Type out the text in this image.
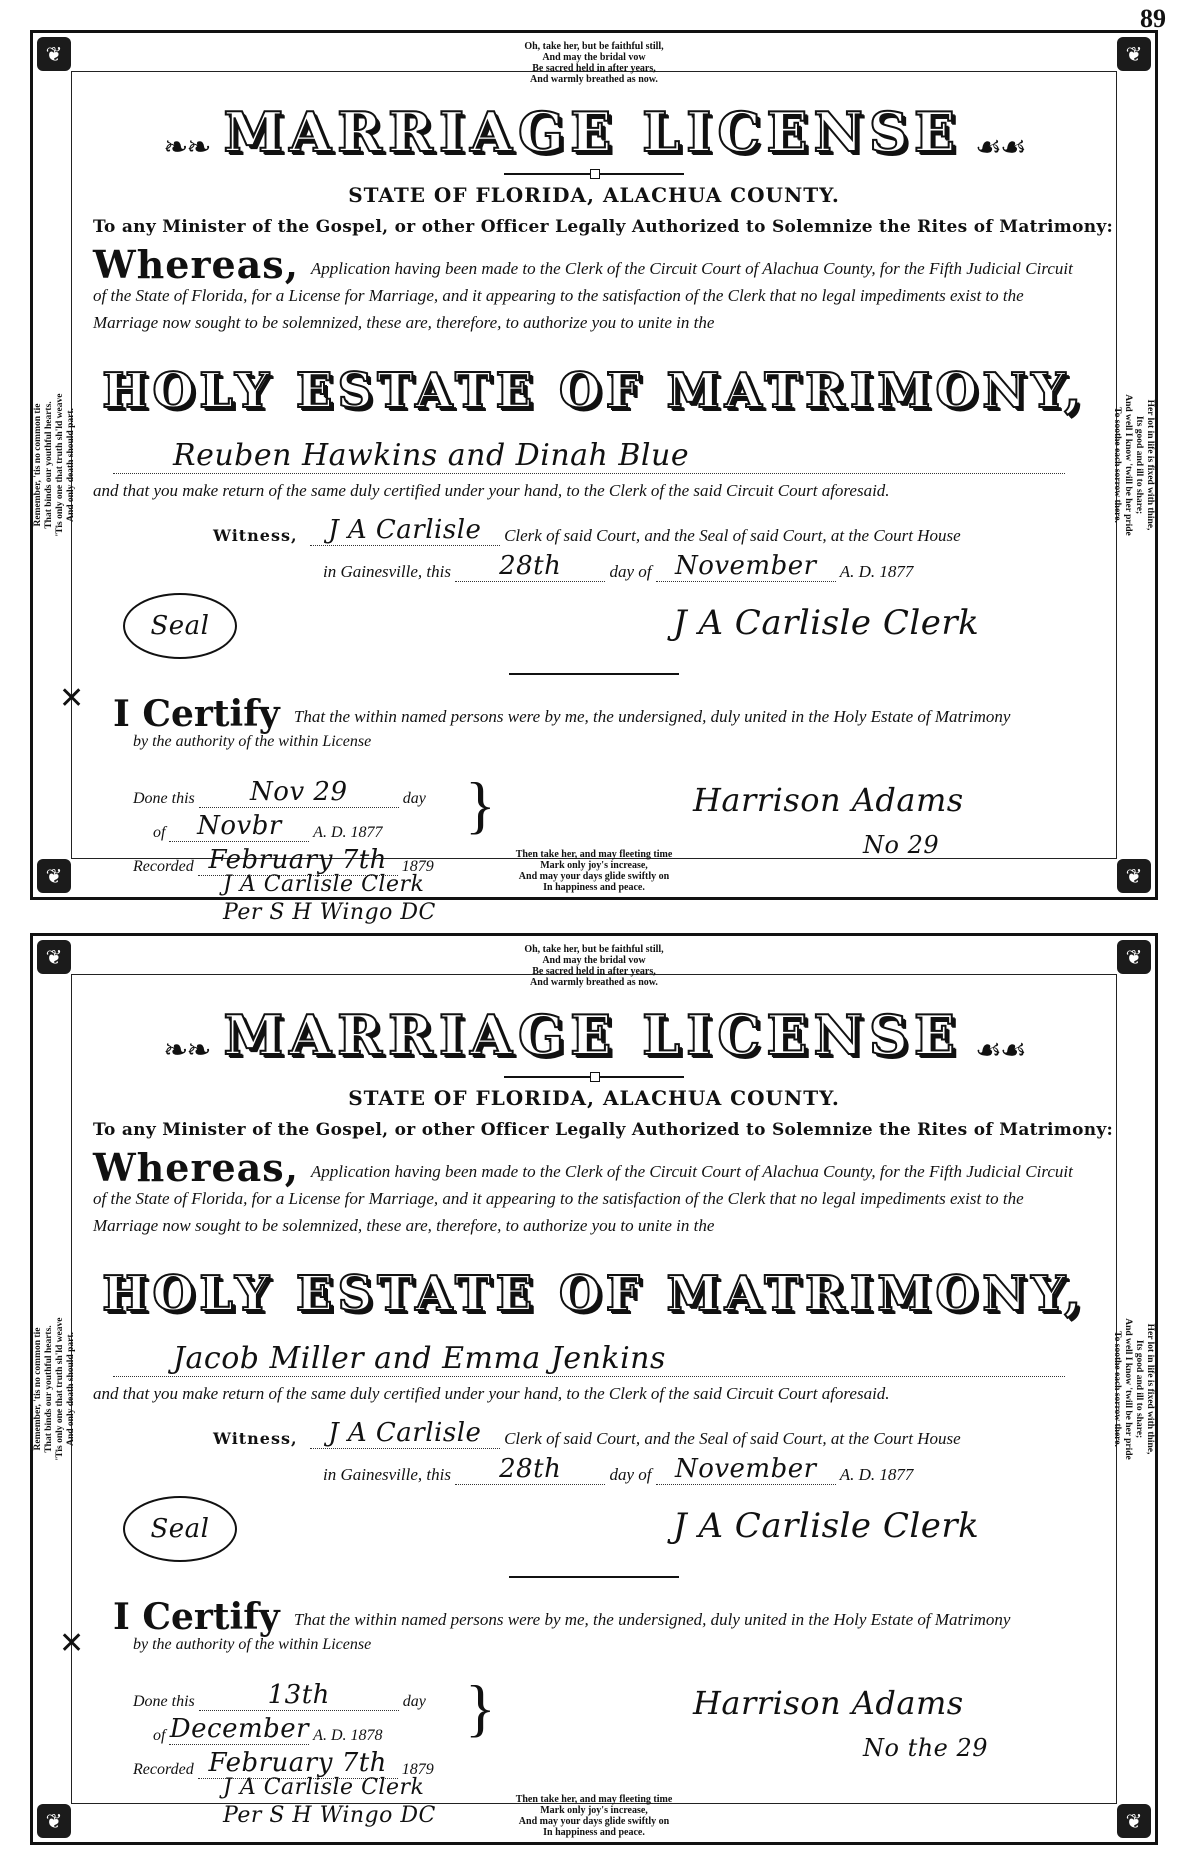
89
❦	❦
❦	❦
Oh, take her, but be faithful still,
And may the bridal vow
Be sacred held in after years,
And warmly breathed as now.
Remember, 'tis no common tie That binds our youthful hearts. 'Tis only one that truth sh'ld weave And only death should part.	Her lot in life is fixed with thine,
Its good and ill to share;
And well I know 'twill be her pride
To soothe each sorrow there.
❧❧ MARRIAGE LICENSE ☙☙
STATE OF FLORIDA, ALACHUA COUNTY.
To any Minister of the Gospel, or other Officer Legally Authorized to Solemnize the Rites of Matrimony:
Whereas, Application having been made to the Clerk of the Circuit Court of Alachua County, for the Fifth Judicial Circuit of the State of Florida, for a License for Marriage, and it appearing to the satisfaction of the Clerk that no legal impediments exist to the Marriage now sought to be solemnized, these are, therefore, to authorize you to unite in the
HOLY ESTATE OF MATRIMONY,
Reuben Hawkins and Dinah Blue
and that you make return of the same duly certified under your hand, to the Clerk of the said Circuit Court aforesaid.
Witness, J A Carlisle Clerk of said Court, and the Seal of said Court, at the Court House
in Gainesville, this 28th	day of November A. D. 1877
Seal	J A Carlisle Clerk
✕ I Certify That the within named persons were by me, the undersigned, duly united in the Holy Estate of Matrimony
by the authority of the within License
Done this Nov 29	day
of Novbr A. D. 1877 }
Recorded February 7th 1879
J A Carlisle Clerk
Per S H Wingo DC
Harrison Adams
No 29
Then take her, and may fleeting time
Mark only joy's increase,
And may your days glide swiftly on
In happiness and peace.
❦	❦
❦	❦
Oh, take her, but be faithful still,
And may the bridal vow
Be sacred held in after years,
And warmly breathed as now.
Remember, 'tis no common tie That binds our youthful hearts. 'Tis only one that truth sh'ld weave And only death should part.	Her lot in life is fixed with thine,
Its good and ill to share;
And well I know 'twill be her pride
To soothe each sorrow there.
❧❧ MARRIAGE LICENSE ☙☙
STATE OF FLORIDA, ALACHUA COUNTY.
To any Minister of the Gospel, or other Officer Legally Authorized to Solemnize the Rites of Matrimony:
Whereas, Application having been made to the Clerk of the Circuit Court of Alachua County, for the Fifth Judicial Circuit of the State of Florida, for a License for Marriage, and it appearing to the satisfaction of the Clerk that no legal impediments exist to the Marriage now sought to be solemnized, these are, therefore, to authorize you to unite in the
HOLY ESTATE OF MATRIMONY,
Jacob Miller and Emma Jenkins
and that you make return of the same duly certified under your hand, to the Clerk of the said Circuit Court aforesaid.
Witness, J A Carlisle Clerk of said Court, and the Seal of said Court, at the Court House
in Gainesville, this 28th	day of November A. D. 1877
Seal	J A Carlisle Clerk
✕
I Certify That the within named persons were by me, the undersigned, duly united in the Holy Estate of Matrimony
by the authority of the within License
Done this	13th	day
of December A. D. 1878 }
Recorded February 7th 1879
J A Carlisle Clerk
Per S H Wingo DC
Harrison Adams
No the 29
Then take her, and may fleeting time
Mark only joy's increase,
And may your days glide swiftly on
In happiness and peace.
